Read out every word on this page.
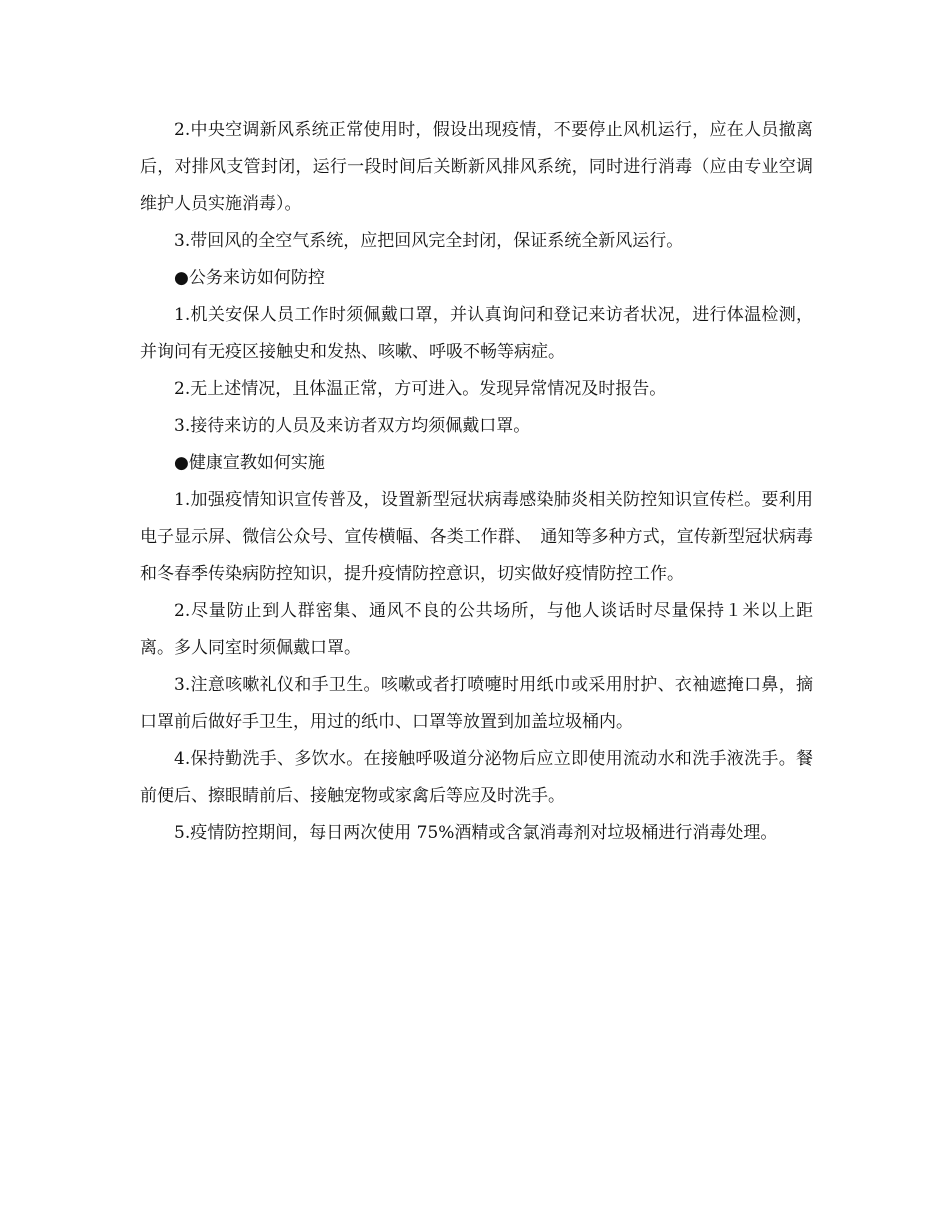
2.中央空调新风系统正常使用时，假设出现疫情，不要停止风机运行，应在人员撤离后，对排风支管封闭，运行一段时间后关断新风排风系统，同时进行消毒（应由专业空调维护人员实施消毒）。

3.带回风的全空气系统，应把回风完全封闭，保证系统全新风运行。

●公务来访如何防控

1.机关安保人员工作时须佩戴口罩，并认真询问和登记来访者状况，进行体温检测，并询问有无疫区接触史和发热、咳嗽、呼吸不畅等病症。

2.无上述情况，且体温正常，方可进入。发现异常情况及时报告。

3.接待来访的人员及来访者双方均须佩戴口罩。

●健康宣教如何实施

1.加强疫情知识宣传普及，设置新型冠状病毒感染肺炎相关防控知识宣传栏。要利用电子显示屏、微信公众号、宣传横幅、各类工作群、　通知等多种方式，宣传新型冠状病毒和冬春季传染病防控知识，提升疫情防控意识，切实做好疫情防控工作。

2.尽量防止到人群密集、通风不良的公共场所，与他人谈话时尽量保持１米以上距离。多人同室时须佩戴口罩。

3.注意咳嗽礼仪和手卫生。咳嗽或者打喷嚏时用纸巾或采用肘护、衣袖遮掩口鼻，摘口罩前后做好手卫生，用过的纸巾、口罩等放置到加盖垃圾桶内。

4.保持勤洗手、多饮水。在接触呼吸道分泌物后应立即使用流动水和洗手液洗手。餐前便后、擦眼睛前后、接触宠物或家禽后等应及时洗手。

5.疫情防控期间，每日两次使用 75%酒精或含氯消毒剂对垃圾桶进行消毒处理。
